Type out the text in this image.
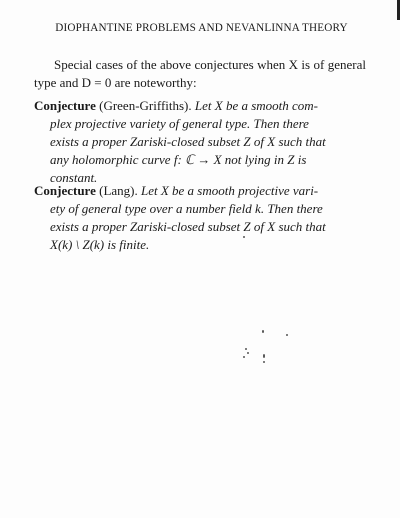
DIOPHANTINE PROBLEMS AND NEVANLINNA THEORY
Special cases of the above conjectures when X is of general type and D = 0 are noteworthy:
Conjecture (Green-Griffiths). Let X be a smooth com-
plex projective variety of general type. Then there
exists a proper Zariski-closed subset Z of X such that
any holomorphic curve f: ℂ → X not lying in Z is
constant.
Conjecture (Lang). Let X be a smooth projective vari-
ety of general type over a number field k. Then there
exists a proper Zariski-closed subset Z of X such that
X(k) \ Z(k) is finite.
